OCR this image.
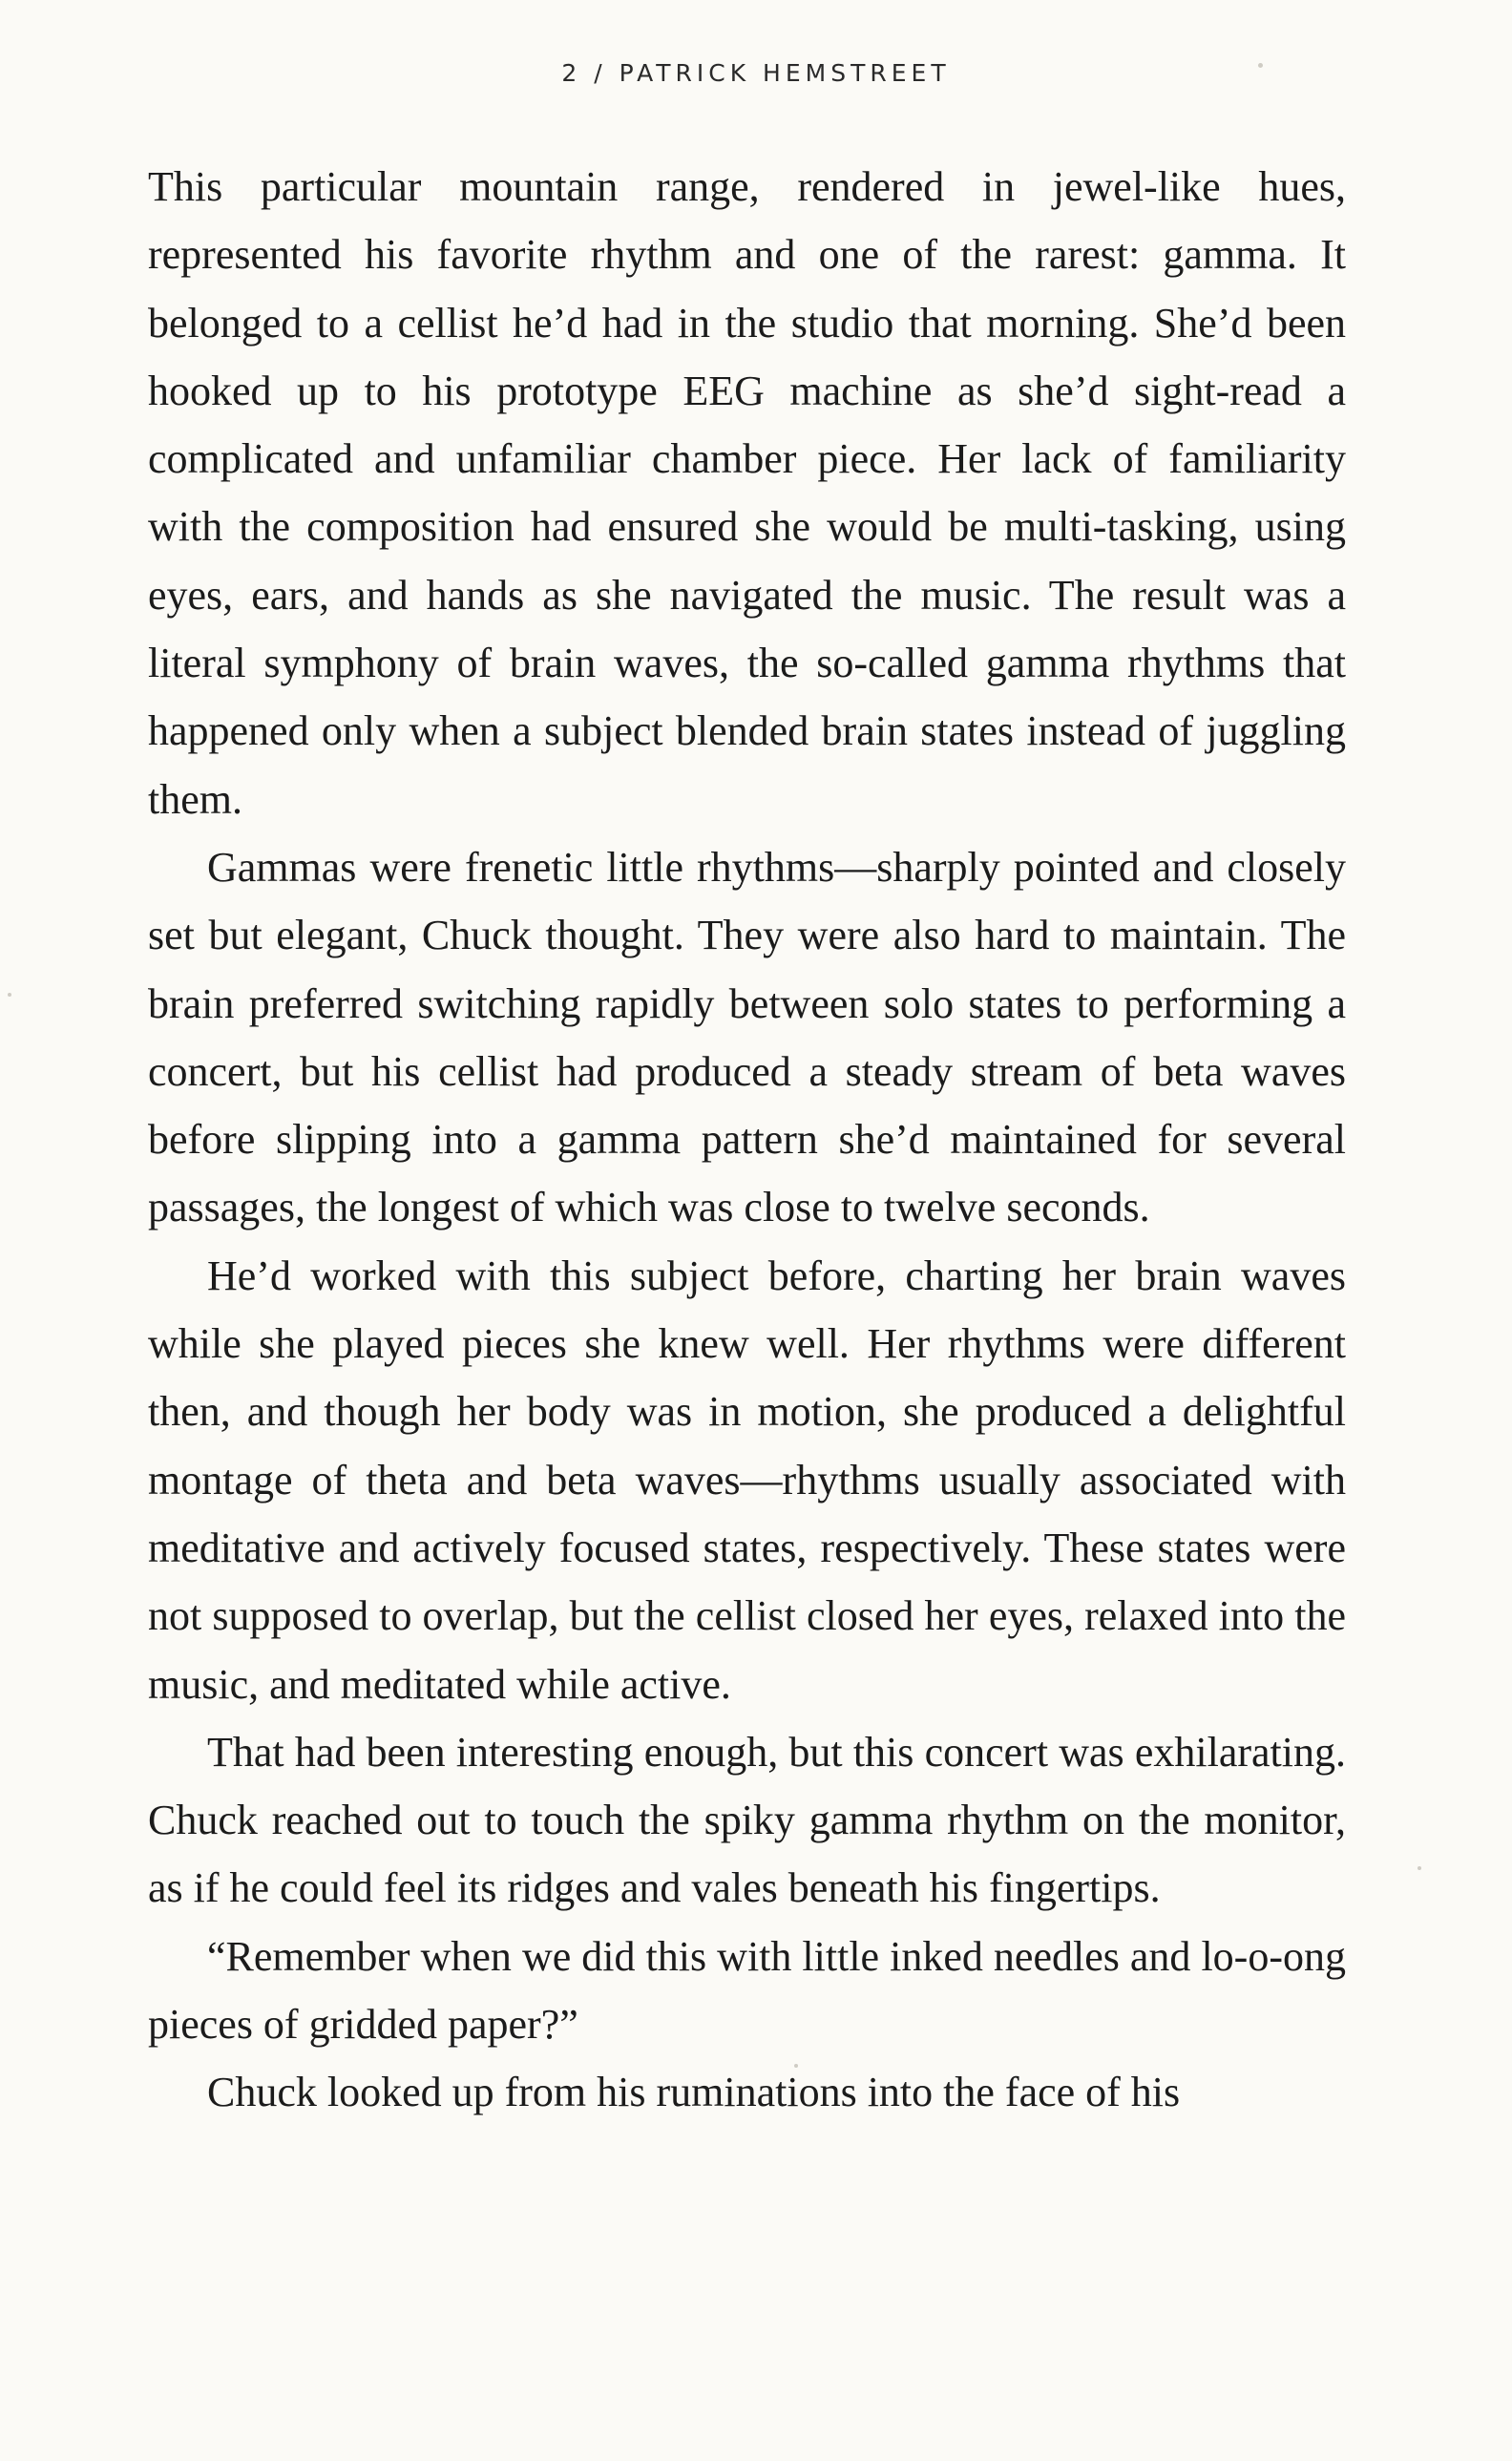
2 / PATRICK HEMSTREET

This particular mountain range, rendered in jewel-like hues, represented his favorite rhythm and one of the rarest: gamma. It belonged to a cellist he’d had in the studio that morning. She’d been hooked up to his prototype EEG machine as she’d sight-read a complicated and unfamiliar chamber piece. Her lack of familiarity with the composition had ensured she would be multi-tasking, using eyes, ears, and hands as she navigated the music. The result was a literal symphony of brain waves, the so-called gamma rhythms that happened only when a subject blended brain states instead of juggling them.

Gammas were frenetic little rhythms—sharply pointed and closely set but elegant, Chuck thought. They were also hard to maintain. The brain preferred switching rapidly between solo states to performing a concert, but his cellist had produced a steady stream of beta waves before slipping into a gamma pattern she’d maintained for several passages, the longest of which was close to twelve seconds.

He’d worked with this subject before, charting her brain waves while she played pieces she knew well. Her rhythms were different then, and though her body was in motion, she produced a delightful montage of theta and beta waves—rhythms usually associated with meditative and actively focused states, respectively. These states were not supposed to overlap, but the cellist closed her eyes, relaxed into the music, and meditated while active.

That had been interesting enough, but this concert was exhilarating. Chuck reached out to touch the spiky gamma rhythm on the monitor, as if he could feel its ridges and vales beneath his fingertips.

“Remember when we did this with little inked needles and lo-o-ong pieces of gridded paper?”

Chuck looked up from his ruminations into the face of his
